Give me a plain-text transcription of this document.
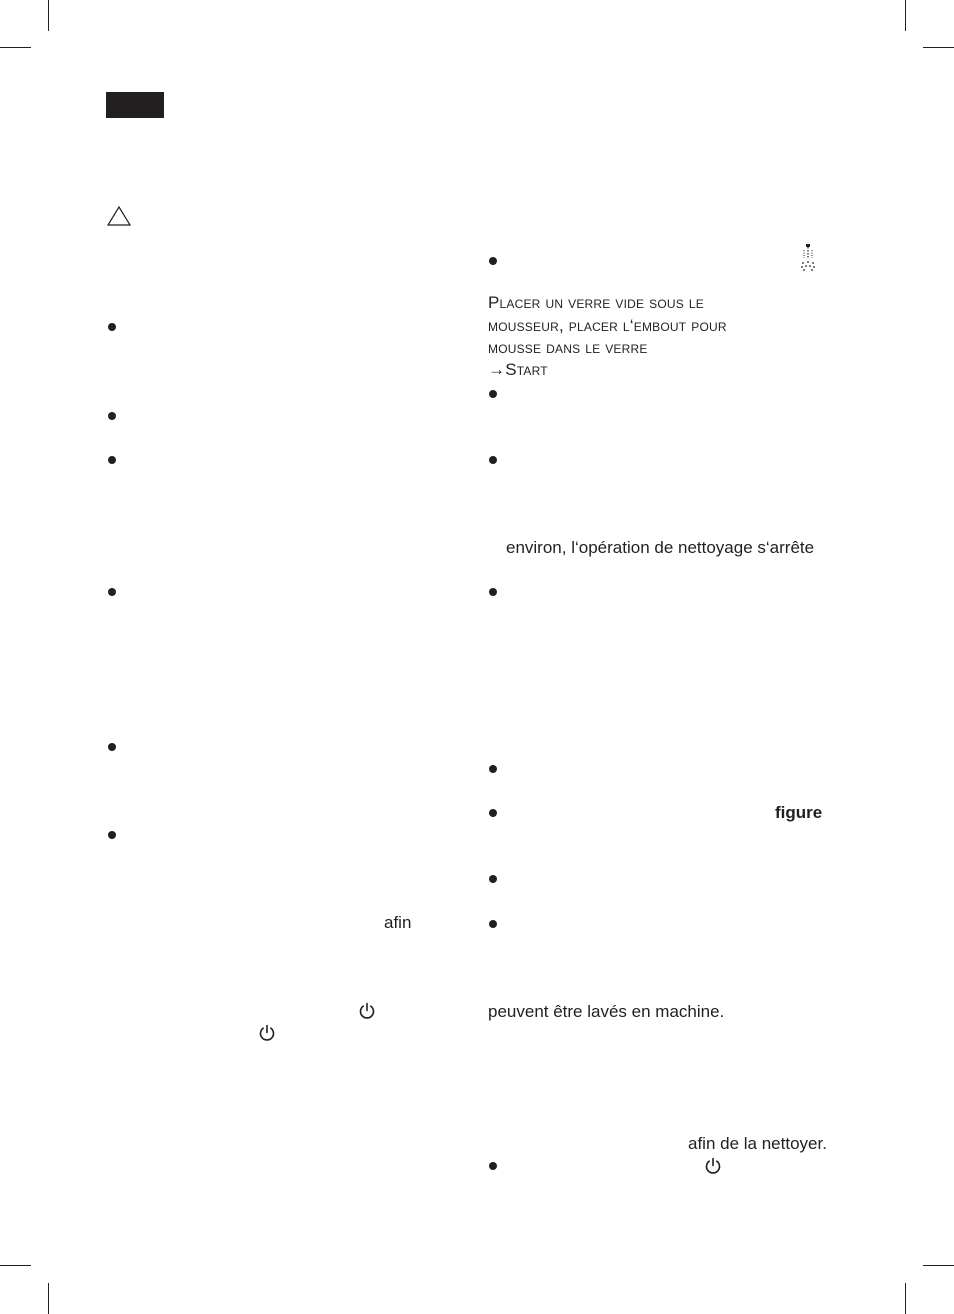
afin
Placer un verre vide sous le
mousseur, placer l‘embout pour
mousse dans le verre
→Start
environ, l‘opération de nettoyage s‘arrête
figure
peuvent être lavés en machine.
afin de la nettoyer.
